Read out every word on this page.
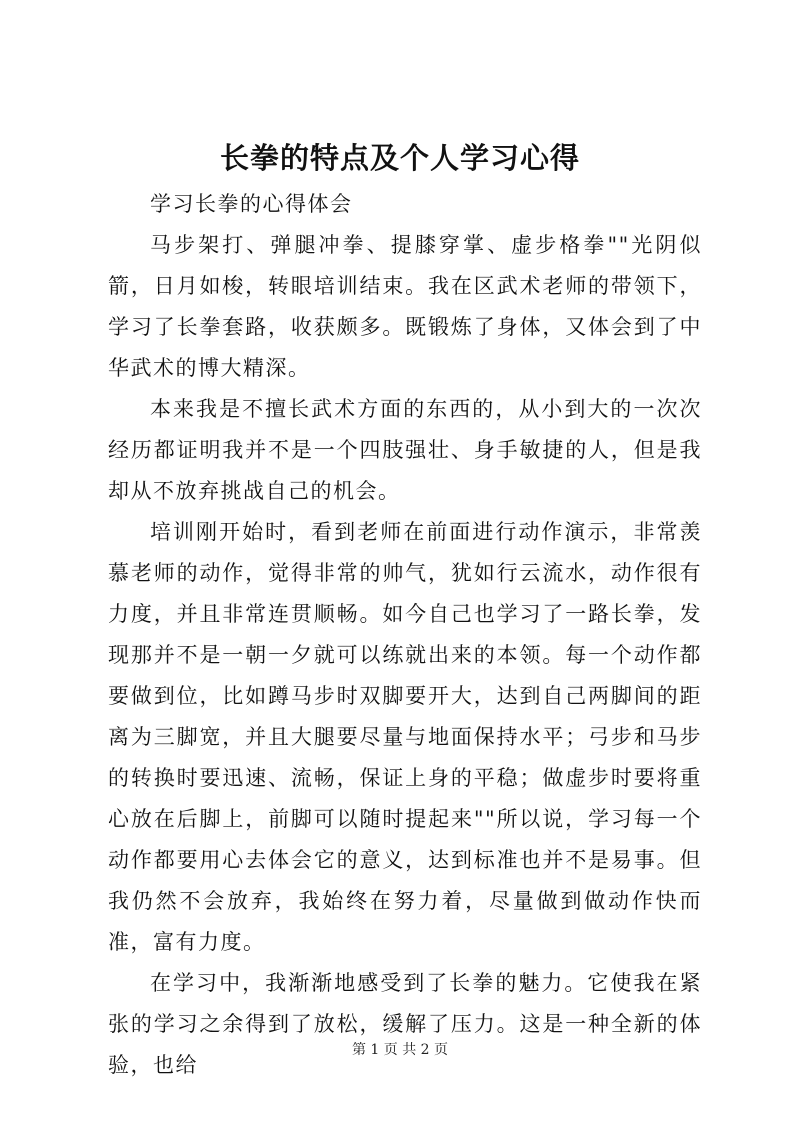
长拳的特点及个人学习心得

学习长拳的心得体会

马步架打、弹腿冲拳、提膝穿掌、虚步格拳""光阴似箭，日月如梭，转眼培训结束。我在区武术老师的带领下，学习了长拳套路，收获颇多。既锻炼了身体，又体会到了中华武术的博大精深。

本来我是不擅长武术方面的东西的，从小到大的一次次经历都证明我并不是一个四肢强壮、身手敏捷的人，但是我却从不放弃挑战自己的机会。

培训刚开始时，看到老师在前面进行动作演示，非常羡慕老师的动作，觉得非常的帅气，犹如行云流水，动作很有力度，并且非常连贯顺畅。如今自己也学习了一路长拳，发现那并不是一朝一夕就可以练就出来的本领。每一个动作都要做到位，比如蹲马步时双脚要开大，达到自己两脚间的距离为三脚宽，并且大腿要尽量与地面保持水平；弓步和马步的转换时要迅速、流畅，保证上身的平稳；做虚步时要将重心放在后脚上，前脚可以随时提起来""所以说，学习每一个动作都要用心去体会它的意义，达到标准也并不是易事。但我仍然不会放弃，我始终在努力着，尽量做到做动作快而准，富有力度。

在学习中，我渐渐地感受到了长拳的魅力。它使我在紧张的学习之余得到了放松，缓解了压力。这是一种全新的体验，也给

第 1 页 共 2 页
